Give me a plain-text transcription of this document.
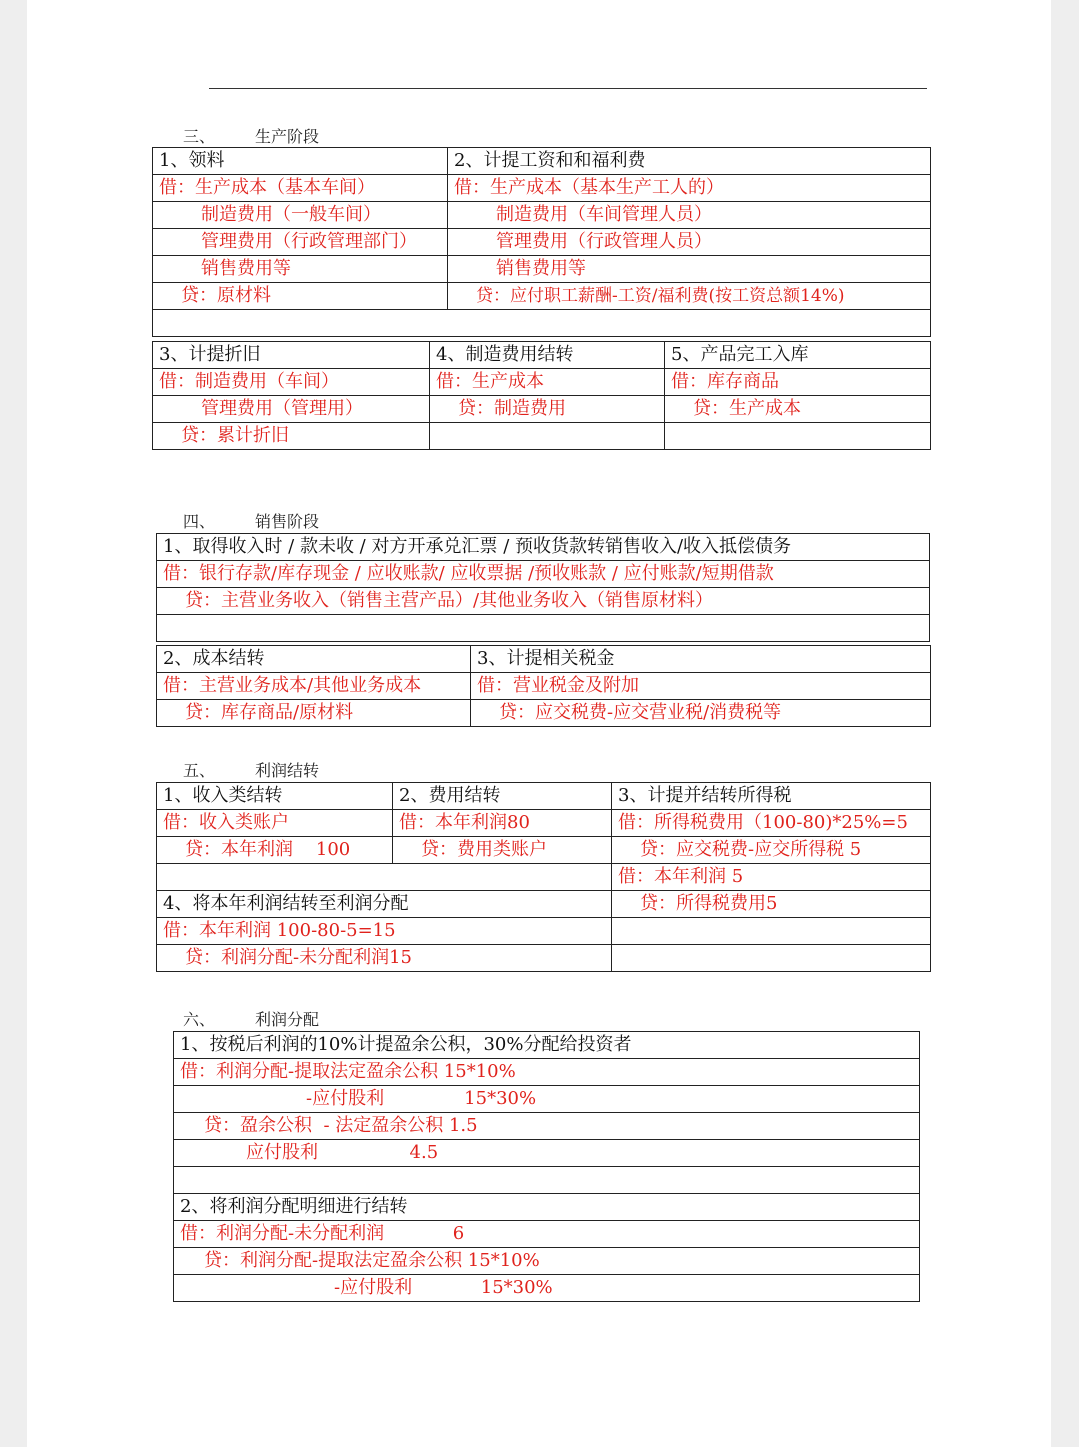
三、 生产阶段
1、领料	2、计提工资和和福利费
借：生产成本（基本车间）	借：生产成本（基本生产工人的）
制造费用（一般车间）	制造费用（车间管理人员）
管理费用（行政管理部门）	管理费用（行政管理人员）
销售费用等	销售费用等
贷：原材料	贷：应付职工薪酬-工资/福利费(按工资总额14%)

3、计提折旧	4、制造费用结转	5、产品完工入库
借：制造费用（车间）	借：生产成本	借：库存商品
管理费用（管理用）	贷：制造费用	贷：生产成本
贷：累计折旧		
四、 销售阶段
1、取得收入时 / 款未收 / 对方开承兑汇票 / 预收货款转销售收入/收入抵偿债务
借：银行存款/库存现金 / 应收账款/ 应收票据 /预收账款 / 应付账款/短期借款
贷：主营业务收入（销售主营产品）/其他业务收入（销售原材料）

2、成本结转	3、计提相关税金
借：主营业务成本/其他业务成本	借：营业税金及附加
贷：库存商品/原材料	贷：应交税费-应交营业税/消费税等
五、 利润结转
1、收入类结转	2、费用结转	3、计提并结转所得税
借：收入类账户	借：本年利润80	借：所得税费用（100-80)*25%=5
贷：本年利润    100	贷：费用类账户	贷：应交税费-应交所得税 5
		借：本年利润 5
4、将本年利润结转至利润分配		贷：所得税费用5
借：本年利润 100-80-5=15		
贷：利润分配-未分配利润15		
六、 利润分配
1、按税后利润的10%计提盈余公积，30%分配给投资者
借：利润分配-提取法定盈余公积 15*10%
-应付股利              15*30%
贷：盈余公积  - 法定盈余公积 1.5
应付股利                4.5

2、将利润分配明细进行结转
借：利润分配-未分配利润            6
贷：利润分配-提取法定盈余公积 15*10%
-应付股利            15*30%
